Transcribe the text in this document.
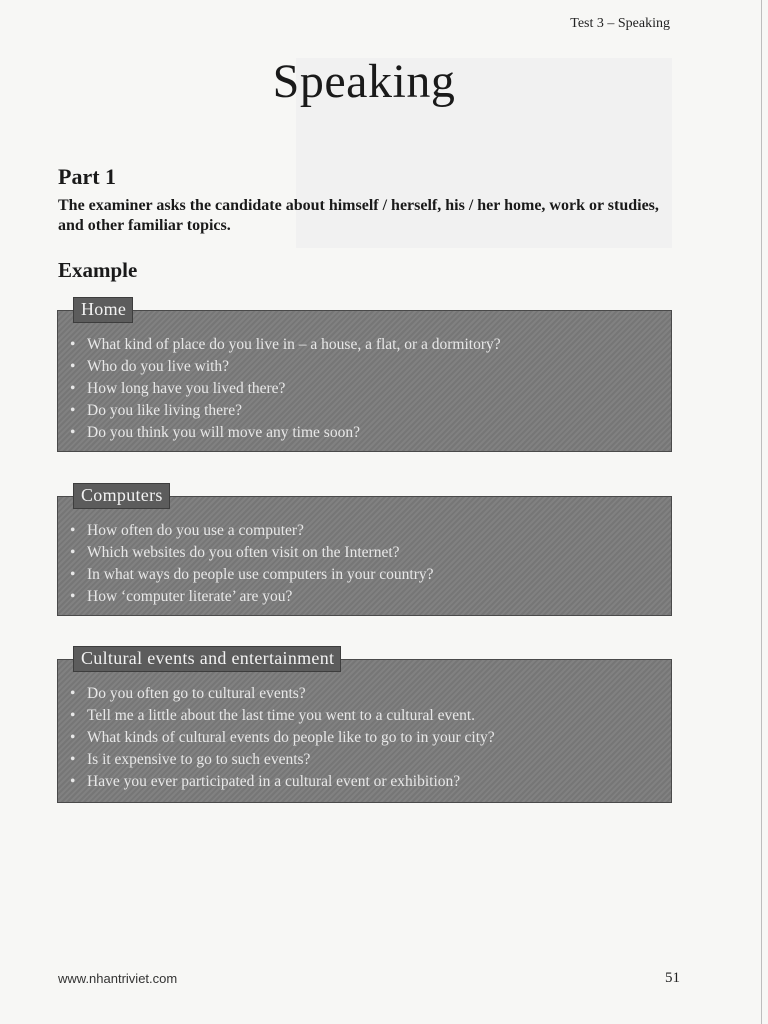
Test 3 – Speaking
Speaking
Part 1

The examiner asks the candidate about himself / herself, his / her home, work or studies, and other familiar topics.

Example
Home
• What kind of place do you live in – a house, a flat, or a dormitory?
• Who do you live with?
• How long have you lived there?
• Do you like living there?
• Do you think you will move any time soon?
Computers
• How often do you use a computer?
• Which websites do you often visit on the Internet?
• In what ways do people use computers in your country?
• How ‘computer literate’ are you?
Cultural events and entertainment
• Do you often go to cultural events?
• Tell me a little about the last time you went to a cultural event.
• What kinds of cultural events do people like to go to in your city?
• Is it expensive to go to such events?
• Have you ever participated in a cultural event or exhibition?
www.nhantriviet.com	51
